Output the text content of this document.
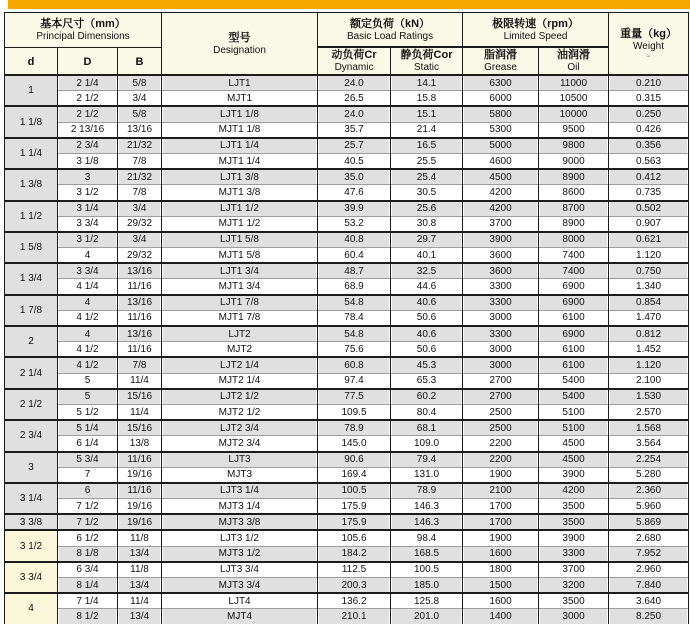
基本尺寸（mm）
Principal Dimensions			型号
Designation	额定负荷（kN）
Basic Load Ratings		极限转速（rpm）
Limited Speed		重量（kg）
Weight
≈

d	D	B		动负荷Cr
Dynamic	静负荷Cor
Static	脂润滑
Grease	油润滑
Oil	

1	2 1/4	5/8	LJT1	24.0	14.1	6300	11000	0.210
	2 1/2	3/4	MJT1	26.5	15.8	6000	10500	0.315
1 1/8	2 1/2	5/8	LJT1 1/8	24.0	15.1	5800	10000	0.250
	2 13/16	13/16	MJT1 1/8	35.7	21.4	5300	9500	0.426
1 1/4	2 3/4	21/32	LJT1 1/4	25.7	16.5	5000	9800	0.356
	3 1/8	7/8	MJT1 1/4	40.5	25.5	4600	9000	0.563
1 3/8	3	21/32	LJT1 3/8	35.0	25.4	4500	8900	0.412
	3 1/2	7/8	MJT1 3/8	47.6	30.5	4200	8600	0.735
1 1/2	3 1/4	3/4	LJT1 1/2	39.9	25.6	4200	8700	0.502
	3 3/4	29/32	MJT1 1/2	53.2	30.8	3700	8900	0.907
1 5/8	3 1/2	3/4	LJT1 5/8	40.8	29.7	3900	8000	0.621
	4	29/32	MJT1 5/8	60.4	40.1	3600	7400	1.120
1 3/4	3 3/4	13/16	LJT1 3/4	48.7	32.5	3600	7400	0.750
	4 1/4	11/16	MJT1 3/4	68.9	44.6	3300	6900	1.340
1 7/8	4	13/16	LJT1 7/8	54.8	40.6	3300	6900	0.854
	4 1/2	11/16	MJT1 7/8	78.4	50.6	3000	6100	1.470
2	4	13/16	LJT2	54.8	40.6	3300	6900	0.812
	4 1/2	11/16	MJT2	75.6	50.6	3000	6100	1.452
2 1/4	4 1/2	7/8	LJT2 1/4	60.8	45.3	3000	6100	1.120
	5	11/4	MJT2 1/4	97.4	65.3	2700	5400	2.100
2 1/2	5	15/16	LJT2 1/2	77.5	60.2	2700	5400	1.530
	5 1/2	11/4	MJT2 1/2	109.5	80.4	2500	5100	2.570
2 3/4	5 1/4	15/16	LJT2 3/4	78.9	68.1	2500	5100	1.568
	6 1/4	13/8	MJT2 3/4	145.0	109.0	2200	4500	3.564
3	5 3/4	11/16	LJT3	90.6	79.4	2200	4500	2.254
	7	19/16	MJT3	169.4	131.0	1900	3900	5.280
3 1/4	6	11/16	LJT3 1/4	100.5	78.9	2100	4200	2.360
	7 1/2	19/16	MJT3 1/4	175.9	146.3	1700	3500	5.960
3 3/8	7 1/2	19/16	MJT3 3/8	175.9	146.3	1700	3500	5.869
3 1/2	6 1/2	11/8	LJT3 1/2	105.6	98.4	1900	3900	2.680
	8 1/8	13/4	MJT3 1/2	184.2	168.5	1600	3300	7.952
3 3/4	6 3/4	11/8	LJT3 3/4	112.5	100.5	1800	3700	2.960
	8 1/4	13/4	MJT3 3/4	200.3	185.0	1500	3200	7.840
4	7 1/4	11/4	LJT4	136.2	125.8	1600	3500	3.640
	8 1/2	13/4	MJT4	210.1	201.0	1400	3000	8.250
